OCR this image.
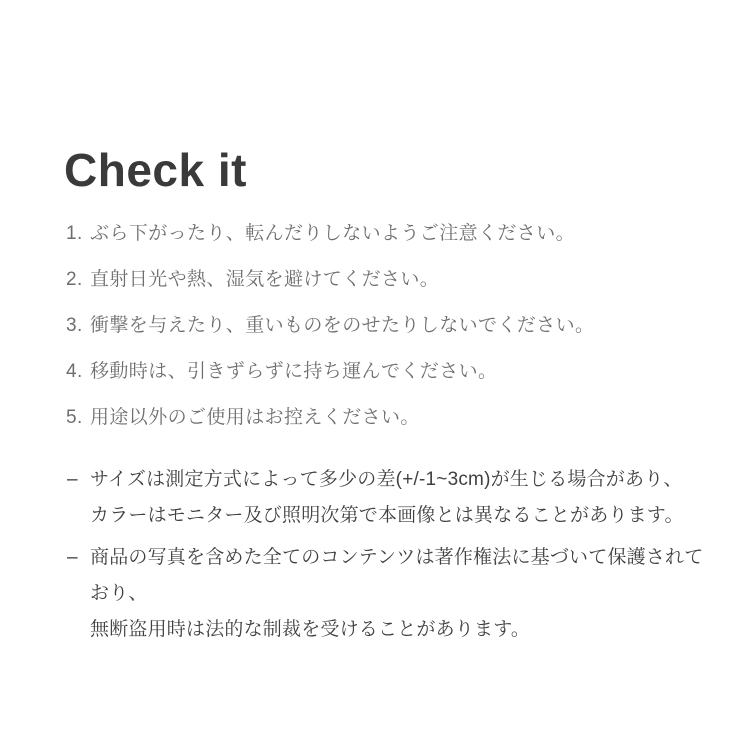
Check it
1. ぶら下がったり、転んだりしないようご注意ください。
2. 直射日光や熱、湿気を避けてください。
3. 衝撃を与えたり、重いものをのせたりしないでください。
4. 移動時は、引きずらずに持ち運んでください。
5. 用途以外のご使用はお控えください。
– サイズは測定方式によって多少の差(+/-1~3cm)が生じる場合があり、
カラーはモニター及び照明次第で本画像とは異なることがあります。
– 商品の写真を含めた全てのコンテンツは著作権法に基づいて保護されており、
無断盗用時は法的な制裁を受けることがあります。
